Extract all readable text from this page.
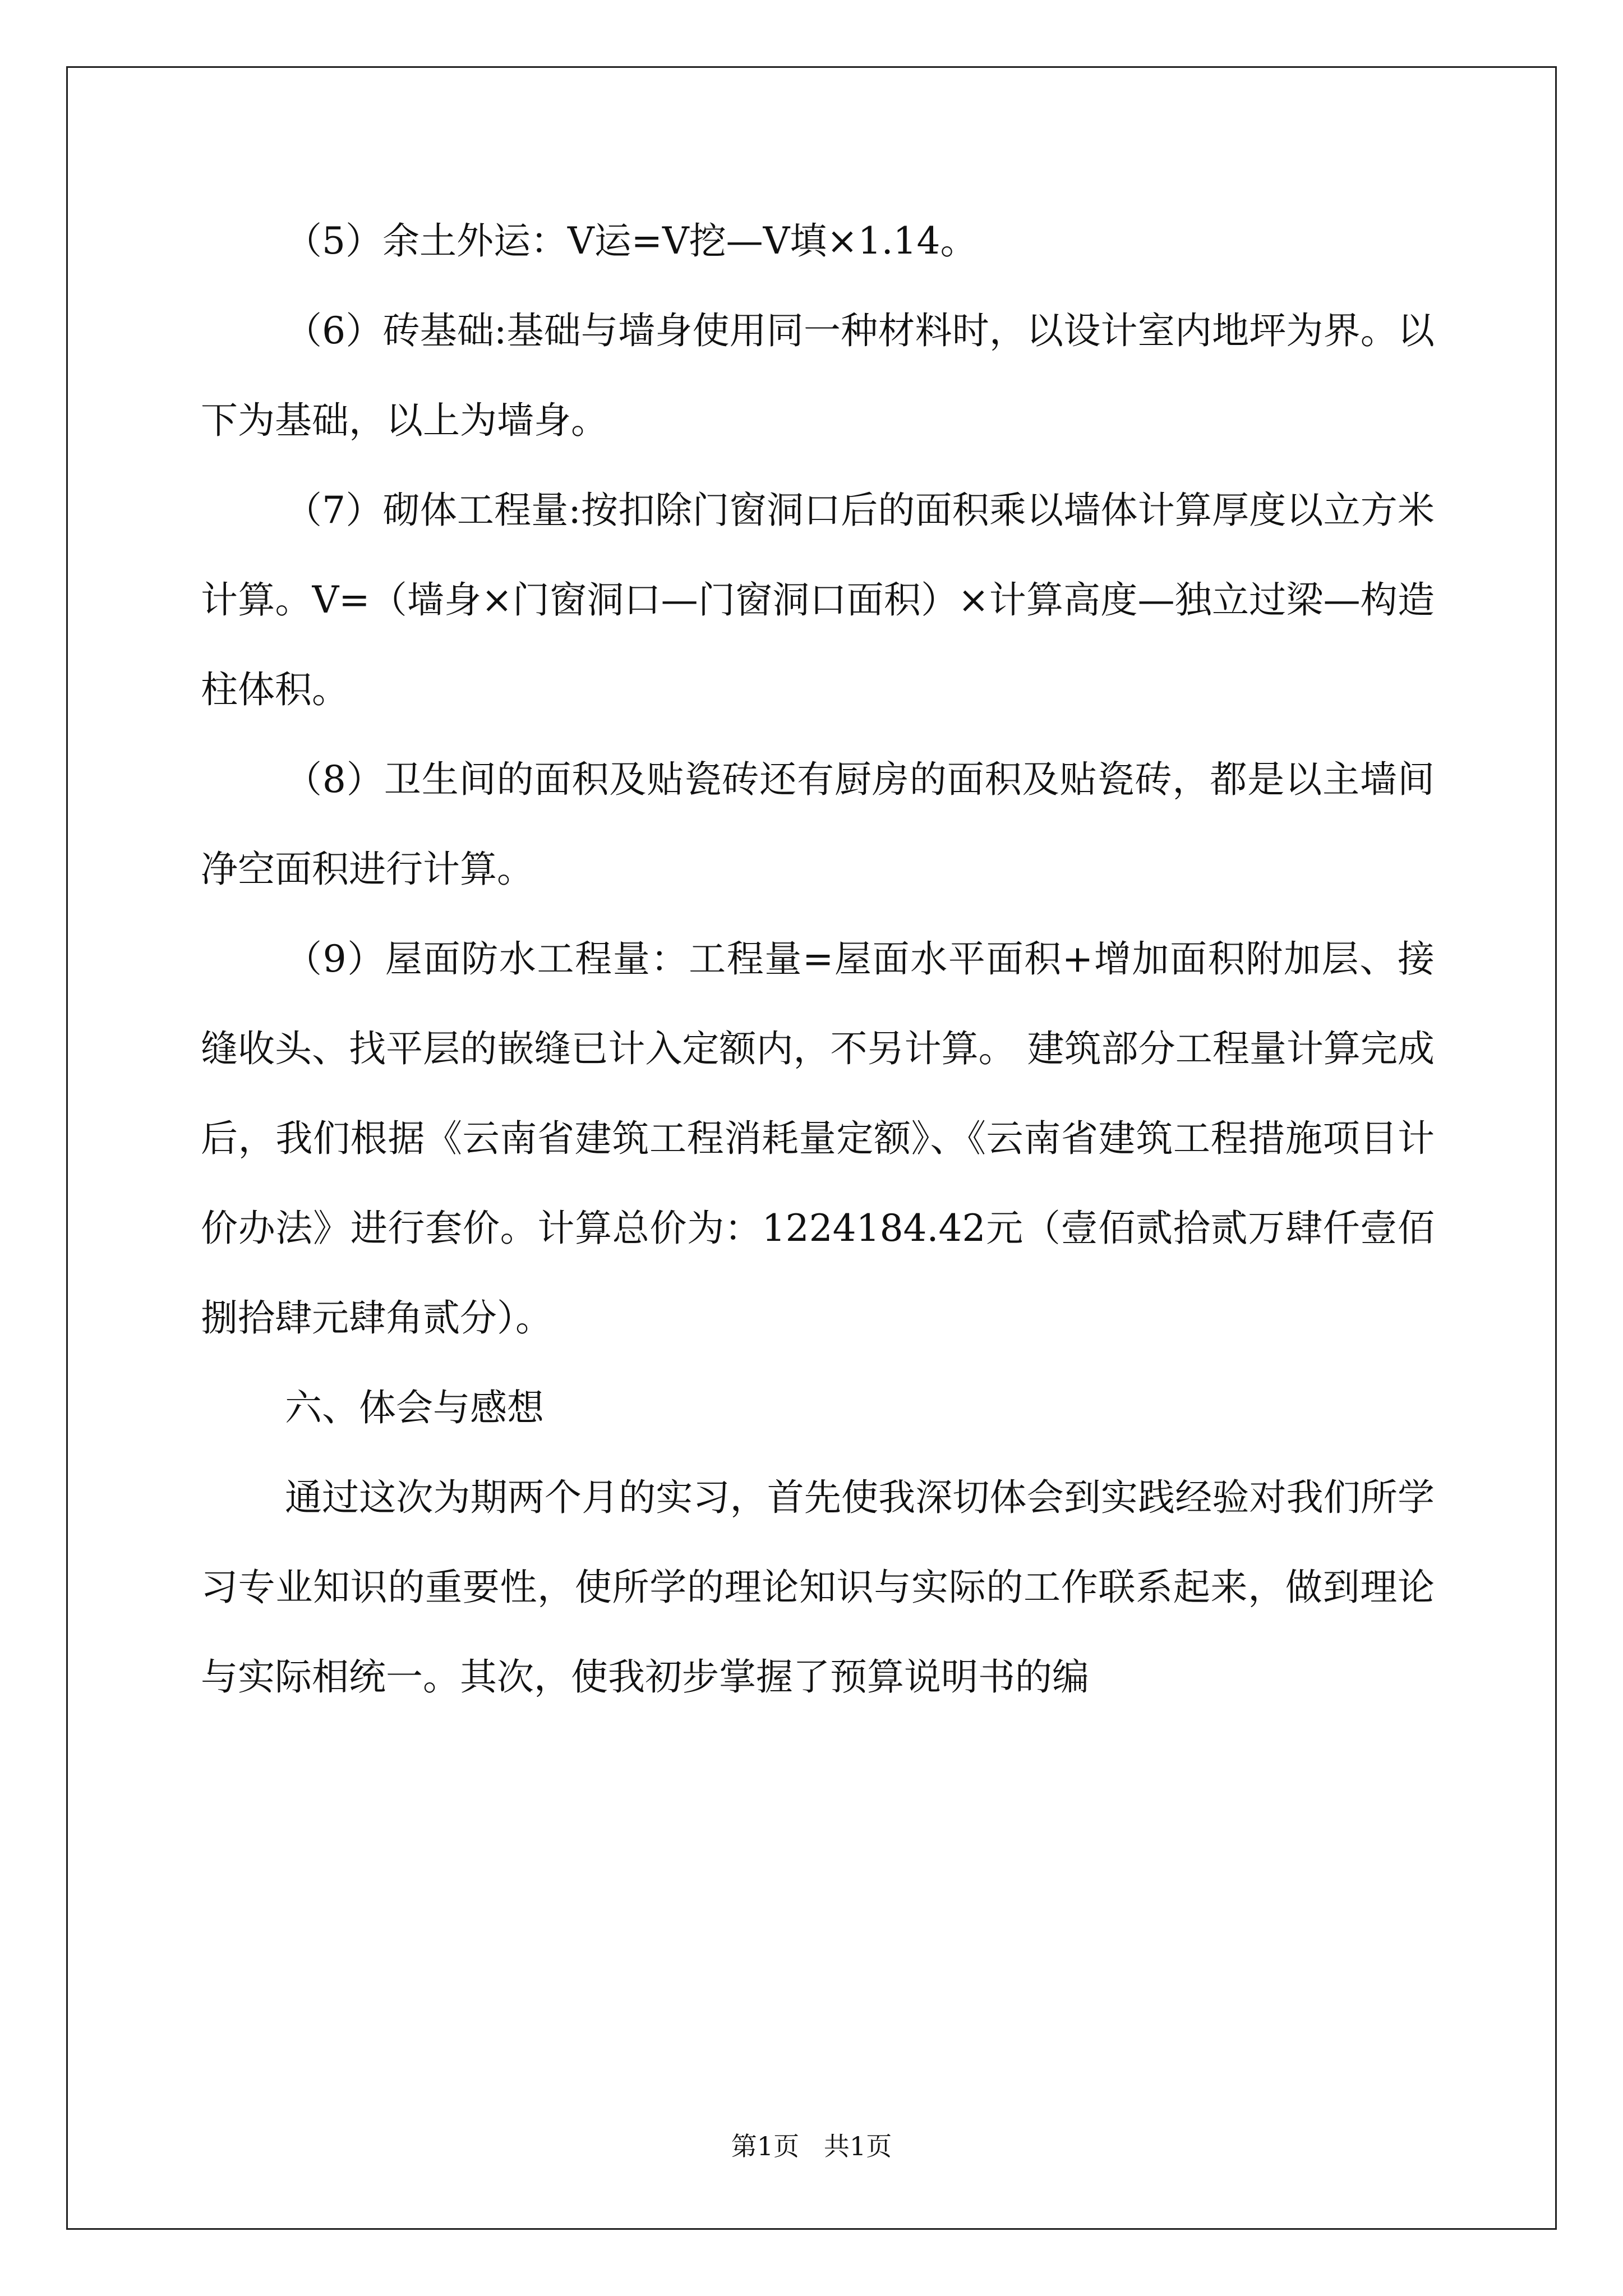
（5）余土外运：V运=V挖—V填×1.14。

（6）砖基础:基础与墙身使用同一种材料时，以设计室内地坪为界。以下为基础，以上为墙身。

（7）砌体工程量:按扣除门窗洞口后的面积乘以墙体计算厚度以立方米计算。V=（墙身×门窗洞口—门窗洞口面积）×计算高度—独立过梁—构造柱体积。

（8）卫生间的面积及贴瓷砖还有厨房的面积及贴瓷砖，都是以主墙间净空面积进行计算。

（9）屋面防水工程量：工程量=屋面水平面积+增加面积附加层、接缝收头、找平层的嵌缝已计入定额内，不另计算。 建筑部分工程量计算完成后，我们根据《云南省建筑工程消耗量定额》、《云南省建筑工程措施项目计价办法》进行套价。计算总价为：1224184.42元（壹佰贰拾贰万肆仟壹佰捌拾肆元肆角贰分）。

六、体会与感想

通过这次为期两个月的实习，首先使我深切体会到实践经验对我们所学习专业知识的重要性，使所学的理论知识与实际的工作联系起来，做到理论与实际相统一。其次，使我初步掌握了预算说明书的编

第1页   共1页
